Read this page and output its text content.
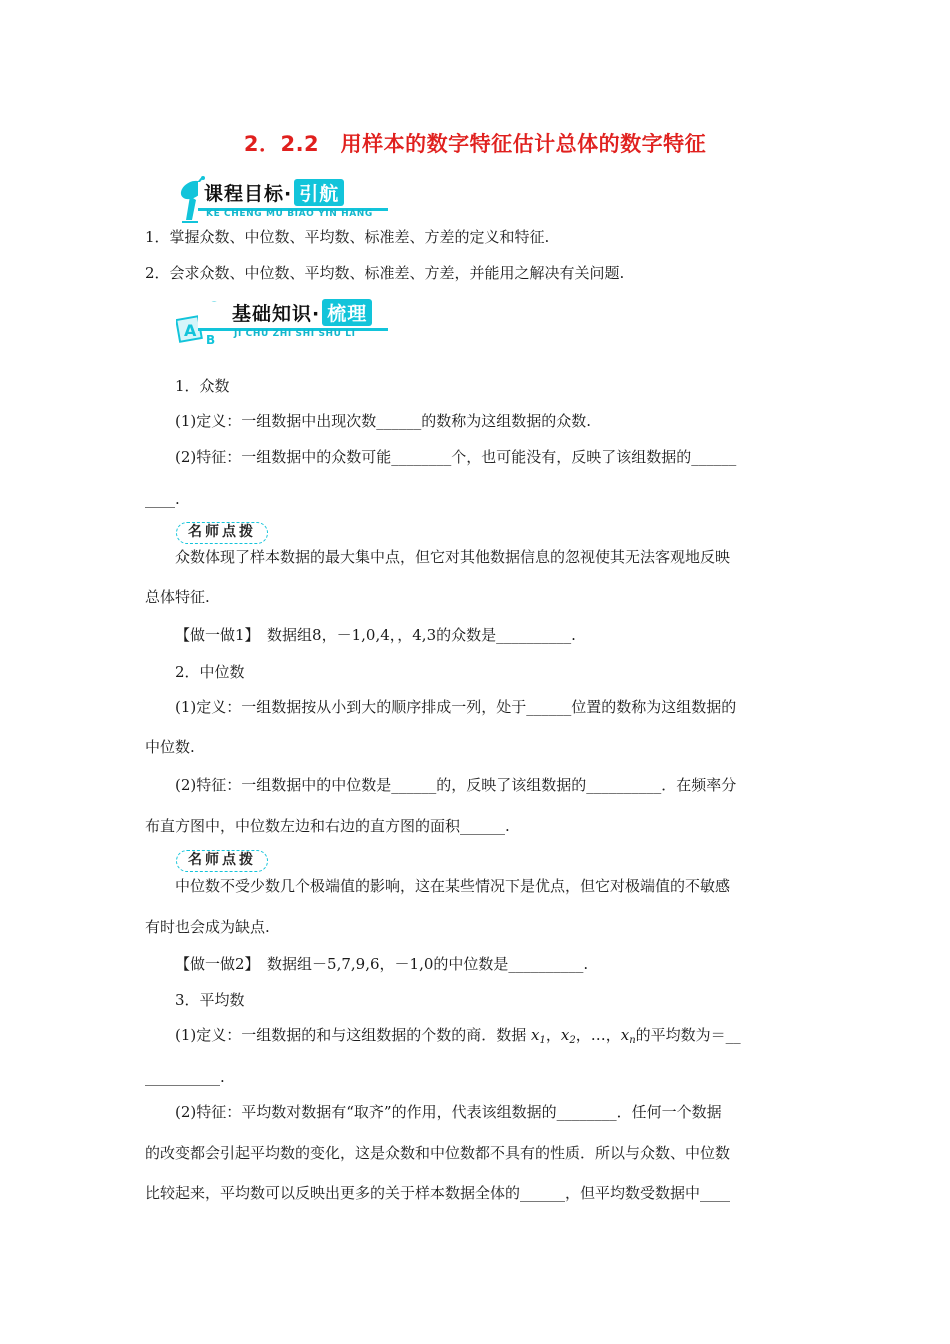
2．2.2　用样本的数字特征估计总体的数字特征
课程目标· 引航
KE CHENG MU BIAO YIN HANG
1．掌握众数、中位数、平均数、标准差、方差的定义和特征.
2．会求众数、中位数、平均数、标准差、方差，并能用之解决有关问题.
A B
基础知识· 梳理
JI CHU ZHI SHI SHU LI
1．众数
(1)定义：一组数据中出现次数______的数称为这组数据的众数.
(2)特征：一组数据中的众数可能________个，也可能没有，反映了该组数据的______
____.
名师点拨
众数体现了样本数据的最大集中点，但它对其他数据信息的忽视使其无法客观地反映
总体特征.
【做一做1】　数据组8，－1,0,4，，4,3的众数是__________.
2．中位数
(1)定义：一组数据按从小到大的顺序排成一列，处于______位置的数称为这组数据的
中位数.
(2)特征：一组数据中的中位数是______的，反映了该组数据的__________．在频率分
布直方图中，中位数左边和右边的直方图的面积______.
名师点拨
中位数不受少数几个极端值的影响，这在某些情况下是优点，但它对极端值的不敏感
有时也会成为缺点.
【做一做2】　数据组－5,7,9,6，－1,0的中位数是__________.
3．平均数
(1)定义：一组数据的和与这组数据的个数的商．数据 $x_1$，$x_2$，…，$x_n$的平均数为＝__
__________.
(2)特征：平均数对数据有“取齐”的作用，代表该组数据的________．任何一个数据
的改变都会引起平均数的变化，这是众数和中位数都不具有的性质．所以与众数、中位数
比较起来，平均数可以反映出更多的关于样本数据全体的______，但平均数受数据中____
